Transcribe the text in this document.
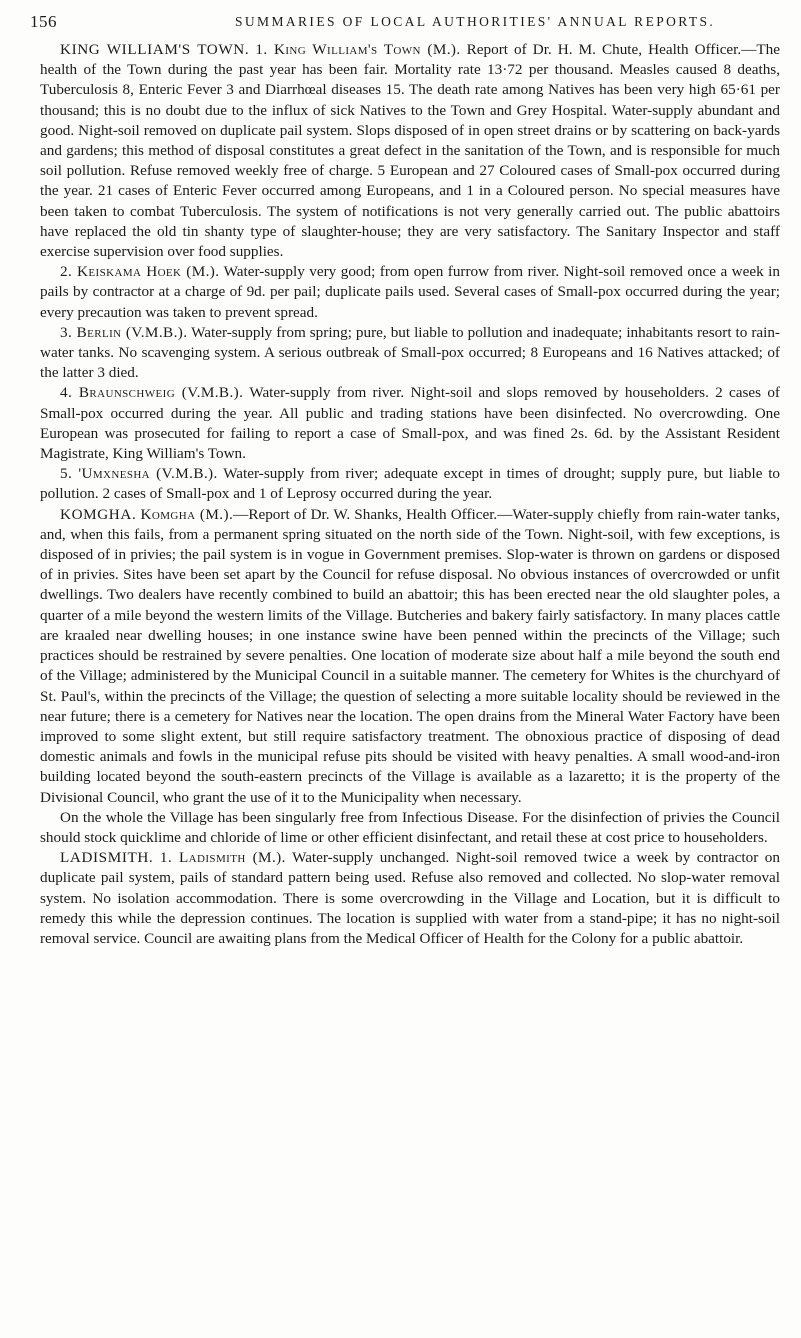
156	SUMMARIES OF LOCAL AUTHORITIES' ANNUAL REPORTS.

KING WILLIAM'S TOWN. 1. King William's Town (M.). Report of Dr. H. M. Chute, Health Officer.—The health of the Town during the past year has been fair. Mortality rate 13·72 per thousand. Measles caused 8 deaths, Tuberculosis 8, Enteric Fever 3 and Diarrhœal diseases 15. The death rate among Natives has been very high 65·61 per thousand; this is no doubt due to the influx of sick Natives to the Town and Grey Hospital. Water-supply abundant and good. Night-soil removed on duplicate pail system. Slops disposed of in open street drains or by scattering on back-yards and gardens; this method of disposal constitutes a great defect in the sanitation of the Town, and is responsible for much soil pollution. Refuse removed weekly free of charge. 5 European and 27 Coloured cases of Small-pox occurred during the year. 21 cases of Enteric Fever occurred among Europeans, and 1 in a Coloured person. No special measures have been taken to combat Tuberculosis. The system of notifications is not very generally carried out. The public abattoirs have replaced the old tin shanty type of slaughter-house; they are very satisfactory. The Sanitary Inspector and staff exercise supervision over food supplies.

2. Keiskama Hoek (M.). Water-supply very good; from open furrow from river. Night-soil removed once a week in pails by contractor at a charge of 9d. per pail; duplicate pails used. Several cases of Small-pox occurred during the year; every precaution was taken to prevent spread.

3. Berlin (V.M.B.). Water-supply from spring; pure, but liable to pollution and inadequate; inhabitants resort to rain-water tanks. No scavenging system. A serious outbreak of Small-pox occurred; 8 Europeans and 16 Natives attacked; of the latter 3 died.

4. Braunschweig (V.M.B.). Water-supply from river. Night-soil and slops removed by householders. 2 cases of Small-pox occurred during the year. All public and trading stations have been disinfected. No overcrowding. One European was prosecuted for failing to report a case of Small-pox, and was fined 2s. 6d. by the Assistant Resident Magistrate, King William's Town.

5. 'Umxnesha (V.M.B.). Water-supply from river; adequate except in times of drought; supply pure, but liable to pollution. 2 cases of Small-pox and 1 of Leprosy occurred during the year.

KOMGHA. Komgha (M.).—Report of Dr. W. Shanks, Health Officer.—Water-supply chiefly from rain-water tanks, and, when this fails, from a permanent spring situated on the north side of the Town. Night-soil, with few exceptions, is disposed of in privies; the pail system is in vogue in Government premises. Slop-water is thrown on gardens or disposed of in privies. Sites have been set apart by the Council for refuse disposal. No obvious instances of overcrowded or unfit dwellings. Two dealers have recently combined to build an abattoir; this has been erected near the old slaughter poles, a quarter of a mile beyond the western limits of the Village. Butcheries and bakery fairly satisfactory. In many places cattle are kraaled near dwelling houses; in one instance swine have been penned within the precincts of the Village; such practices should be restrained by severe penalties. One location of moderate size about half a mile beyond the south end of the Village; administered by the Municipal Council in a suitable manner. The cemetery for Whites is the churchyard of St. Paul's, within the precincts of the Village; the question of selecting a more suitable locality should be reviewed in the near future; there is a cemetery for Natives near the location. The open drains from the Mineral Water Factory have been improved to some slight extent, but still require satisfactory treatment. The obnoxious practice of disposing of dead domestic animals and fowls in the municipal refuse pits should be visited with heavy penalties. A small wood-and-iron building located beyond the south-eastern precincts of the Village is available as a lazaretto; it is the property of the Divisional Council, who grant the use of it to the Municipality when necessary.

On the whole the Village has been singularly free from Infectious Disease. For the disinfection of privies the Council should stock quicklime and chloride of lime or other efficient disinfectant, and retail these at cost price to householders.

LADISMITH. 1. Ladismith (M.). Water-supply unchanged. Night-soil removed twice a week by contractor on duplicate pail system, pails of standard pattern being used. Refuse also removed and collected. No slop-water removal system. No isolation accommodation. There is some overcrowding in the Village and Location, but it is difficult to remedy this while the depression continues. The location is supplied with water from a stand-pipe; it has no night-soil removal service. Council are awaiting plans from the Medical Officer of Health for the Colony for a public abattoir.
